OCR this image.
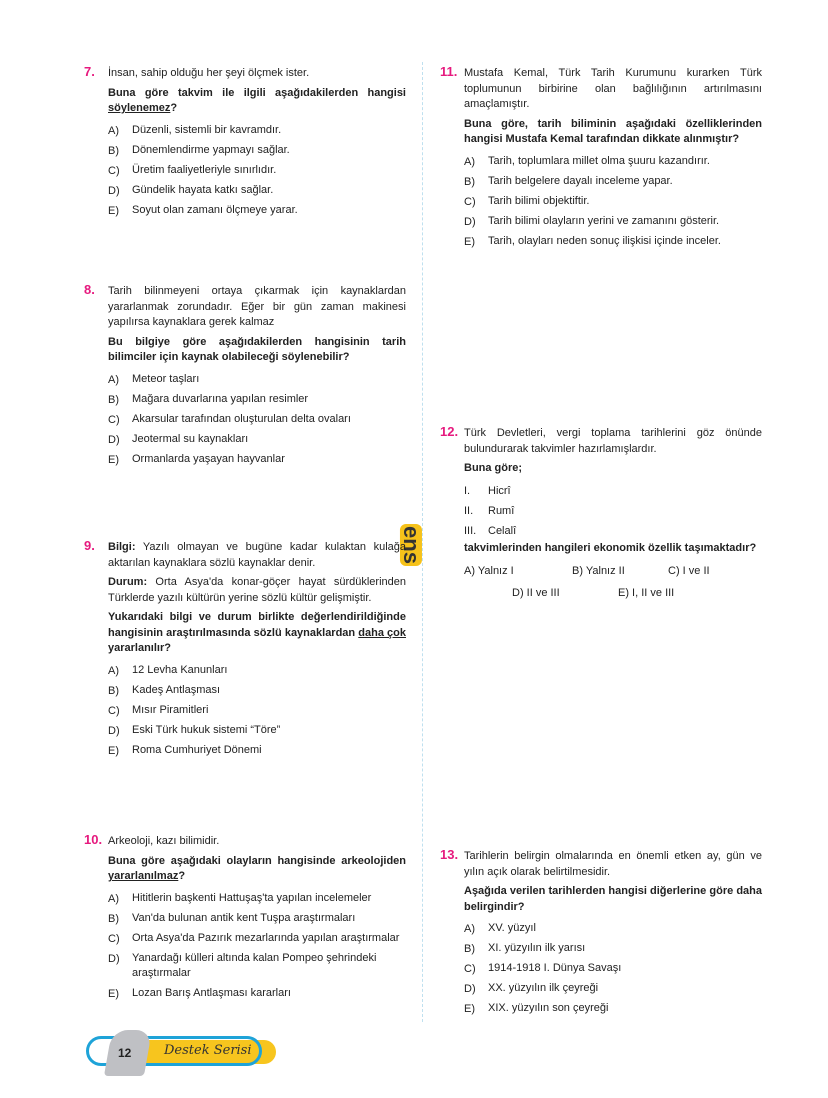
ens
7. İnsan, sahip olduğu her şeyi ölçmek ister.
Buna göre takvim ile ilgili aşağıdakilerden hangisi söylenemez?
A)	Düzenli, sistemli bir kavramdır.
B)	Dönemlendirme yapmayı sağlar.
C)	Üretim faaliyetleriyle sınırlıdır.
D)	Gündelik hayata katkı sağlar.
E)	Soyut olan zamanı ölçmeye yarar.
8. Tarih bilinmeyeni ortaya çıkarmak için kaynaklardan yararlanmak zorundadır. Eğer bir gün zaman makinesi yapılırsa kaynaklara gerek kalmaz
Bu bilgiye göre aşağıdakilerden hangisinin tarih bilimciler için kaynak olabileceği söylenebilir?
A)	Meteor taşları
B)	Mağara duvarlarına yapılan resimler
C)	Akarsular tarafından oluşturulan delta ovaları
D)	Jeotermal su kaynakları
E)	Ormanlarda yaşayan hayvanlar
9. Bilgi: Yazılı olmayan ve bugüne kadar kulaktan kulağa aktarılan kaynaklara sözlü kaynaklar denir.
Durum: Orta Asya'da konar-göçer hayat sürdüklerinden Türklerde yazılı kültürün yerine sözlü kültür gelişmiştir.
Yukarıdaki bilgi ve durum birlikte değerlendirildiğinde hangisinin araştırılmasında sözlü kaynaklardan daha çok yararlanılır?
A)	12 Levha Kanunları
B)	Kadeş Antlaşması
C)	Mısır Piramitleri
D)	Eski Türk hukuk sistemi “Töre”
E)	Roma Cumhuriyet Dönemi
10. Arkeoloji, kazı bilimidir.
Buna göre aşağıdaki olayların hangisinde arkeolojiden yararlanılmaz?
A)	Hititlerin başkenti Hattuşaş'ta yapılan incelemeler
B)	Van'da bulunan antik kent Tuşpa araştırmaları
C)	Orta Asya'da Pazırık mezarlarında yapılan araştırmalar
D)	Yanardağı külleri altında kalan Pompeo şehrindeki araştırmalar
E)	Lozan Barış Antlaşması kararları
11. Mustafa Kemal, Türk Tarih Kurumunu kurarken Türk toplumunun birbirine olan bağlılığının artırılmasını amaçlamıştır.
Buna göre, tarih biliminin aşağıdaki özelliklerinden hangisi Mustafa Kemal tarafından dikkate alınmıştır?
A)	Tarih, toplumlara millet olma şuuru kazandırır.
B)	Tarih belgelere dayalı inceleme yapar.
C)	Tarih bilimi objektiftir.
D)	Tarih bilimi olayların yerini ve zamanını gösterir.
E)	Tarih, olayları neden sonuç ilişkisi içinde inceler.
12. Türk Devletleri, vergi toplama tarihlerini göz önünde bulundurarak takvimler hazırlamışlardır.
Buna göre;
I.	Hicrî
II.	Rumî
III.	Celalî
takvimlerinden hangileri ekonomik özellik taşımaktadır?
A) Yalnız I	B) Yalnız II	C) I ve II
D) II ve III	E) I, II ve III
13. Tarihlerin belirgin olmalarında en önemli etken ay, gün ve yılın açık olarak belirtilmesidir.
Aşağıda verilen tarihlerden hangisi diğerlerine göre daha belirgindir?
A)	XV. yüzyıl
B)	XI. yüzyılın ilk yarısı
C)	1914-1918 I. Dünya Savaşı
D)	XX. yüzyılın ilk çeyreği
E)	XIX. yüzyılın son çeyreği
12	Destek Serisi
